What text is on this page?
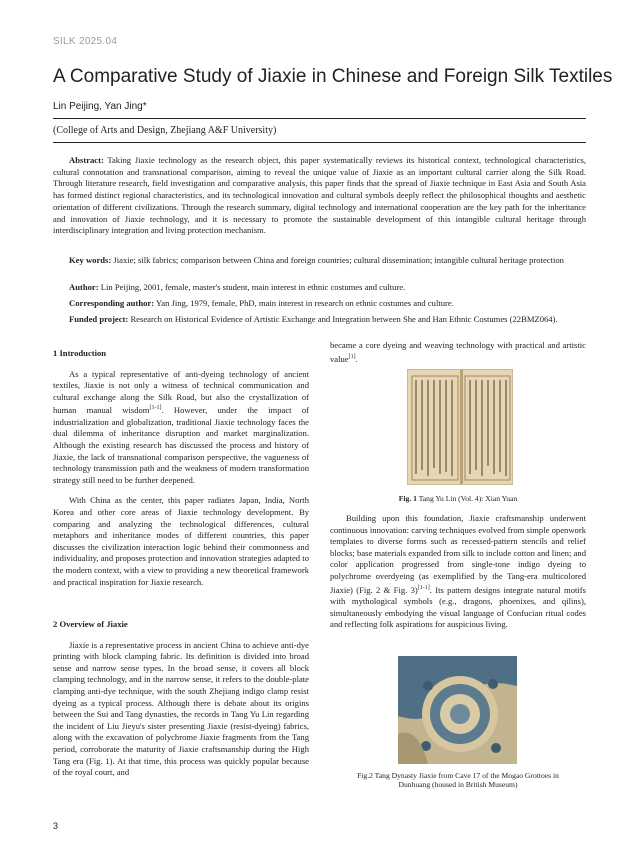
SILK 2025.04
A Comparative Study of Jiaxie in Chinese and Foreign Silk Textiles
Lin Peijing, Yan Jing*
(College of Arts and Design, Zhejiang A&F University)
Abstract: Taking Jiaxie technology as the research object, this paper systematically reviews its historical context, technological characteristics, cultural connotation and transnational comparison, aiming to reveal the unique value of Jiaxie as an important cultural carrier along the Silk Road. Through literature research, field investigation and comparative analysis, this paper finds that the spread of Jiaxie technique in East Asia and South Asia has formed distinct regional characteristics, and its technological innovation and cultural symbols deeply reflect the philosophical thoughts and aesthetic orientation of different civilizations. Through the research summary, digital technology and international cooperation are the key path for the inheritance and innovation of Jiaxie technology, and it is necessary to promote the sustainable development of this intangible cultural heritage through interdisciplinary integration and living protection mechanism.
Key words: Jiaxie; silk fabrics; comparison between China and foreign countries; cultural dissemination; intangible cultural heritage protection
Author: Lin Peijing, 2001, female, master's student, main interest in ethnic costumes and culture.
Corresponding author: Yan Jing, 1979, female, PhD, main interest in research on ethnic costumes and culture.
Funded project: Research on Historical Evidence of Artistic Exchange and Integration between She and Han Ethnic Costumes (22BMZ064).
1 Introduction
As a typical representative of anti-dyeing technology of ancient textiles, Jiaxie is not only a witness of technical communication and cultural exchange along the Silk Road, but also the crystallization of human manual wisdom[1-1]. However, under the impact of industrialization and globalization, traditional Jiaxie technology faces the dual dilemma of inheritance disruption and market marginalization. Although the existing research has discussed the process and history of Jiaxie, the lack of transnational comparison perspective, the vagueness of technology transmission path and the weakness of modern transformation strategy still need to be further deepened.
With China as the center, this paper radiates Japan, India, North Korea and other core areas of Jiaxie technology development. By comparing and analyzing the technological differences, cultural metaphors and inheritance modes of different countries, this paper discusses the civilization interaction logic behind their commonness and individuality, and proposes protection and innovation strategies adapted to the modern context, with a view to providing a new theoretical framework and practical inspiration for Jiaxie research.
2 Overview of Jiaxie
Jiaxie is a representative process in ancient China to achieve anti-dye printing with block clamping fabric. Its definition is divided into broad sense and narrow sense types. In the broad sense, it covers all block clamping technology, and in the narrow sense, it refers to the double-plate clamping anti-dye technique, with the south Zhejiang indigo clamp resist dyeing as a typical process. Although there is debate about its origins between the Sui and Tang dynasties, the records in Tang Yu Lin regarding the incident of Liu Jieyu's sister presenting Jiaxie (resist-dyeing) fabrics, along with the excavation of polychrome Jiaxie fragments from the Tang period, corroborate the maturity of Jiaxie craftsmanship during the High Tang era (Fig. 1). At that time, this process was quickly popular because of the royal court, and
became a core dyeing and weaving technology with practical and artistic value[1].
Fig. 1 Tang Yu Lin (Vol. 4): Xian Yuan
Building upon this foundation, Jiaxie craftsmanship underwent continuous innovation: carving techniques evolved from simple openwork templates to diverse forms such as recessed-pattern stencils and relief blocks; base materials expanded from silk to include cotton and linen; and color application progressed from single-tone indigo dyeing to polychrome overdyeing (as exemplified by the Tang-era multicolored Jiaxie) (Fig. 2 & Fig. 3)[1-1]. Its pattern designs integrate natural motifs with mythological symbols (e.g., dragons, phoenixes, and qilins), simultaneously embodying the visual language of Confucian ritual codes and reflecting folk aspirations for auspicious living.
Fig.2 Tang Dynasty Jiaxie from Cave 17 of the Mogao Grottoes in
Dunhuang (housed in British Museum)
3
